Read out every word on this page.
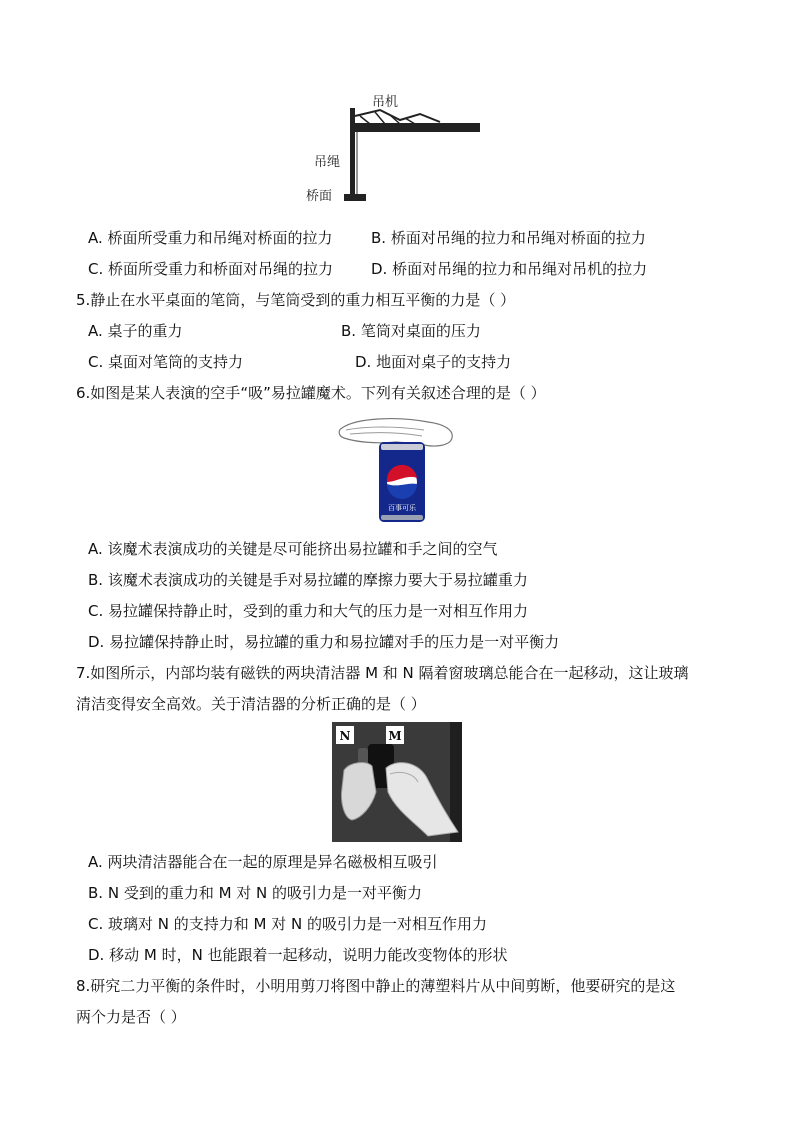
吊机
吊绳
桥面
A. 桥面所受重力和吊绳对桥面的拉力	B. 桥面对吊绳的拉力和吊绳对桥面的拉力
C. 桥面所受重力和桥面对吊绳的拉力	D. 桥面对吊绳的拉力和吊绳对吊机的拉力
5.静止在水平桌面的笔筒，与笔筒受到的重力相互平衡的力是（ ）
A. 桌子的重力	B. 笔筒对桌面的压力
C. 桌面对笔筒的支持力	D. 地面对桌子的支持力
6.如图是某人表演的空手“吸”易拉罐魔术。下列有关叙述合理的是（ ）
百事可乐
A. 该魔术表演成功的关键是尽可能挤出易拉罐和手之间的空气
B. 该魔术表演成功的关键是手对易拉罐的摩擦力要大于易拉罐重力
C. 易拉罐保持静止时，受到的重力和大气的压力是一对相互作用力
D. 易拉罐保持静止时，易拉罐的重力和易拉罐对手的压力是一对平衡力
7.如图所示，内部均装有磁铁的两块清洁器 M 和 N 隔着窗玻璃总能合在一起移动，这让玻璃
清洁变得安全高效。关于清洁器的分析正确的是（ ）
N	M
A. 两块清洁器能合在一起的原理是异名磁极相互吸引
B. N 受到的重力和 M 对 N 的吸引力是一对平衡力
C. 玻璃对 N 的支持力和 M 对 N 的吸引力是一对相互作用力
D. 移动 M 时，N 也能跟着一起移动，说明力能改变物体的形状
8.研究二力平衡的条件时，小明用剪刀将图中静止的薄塑料片从中间剪断，他要研究的是这
两个力是否（ ）
